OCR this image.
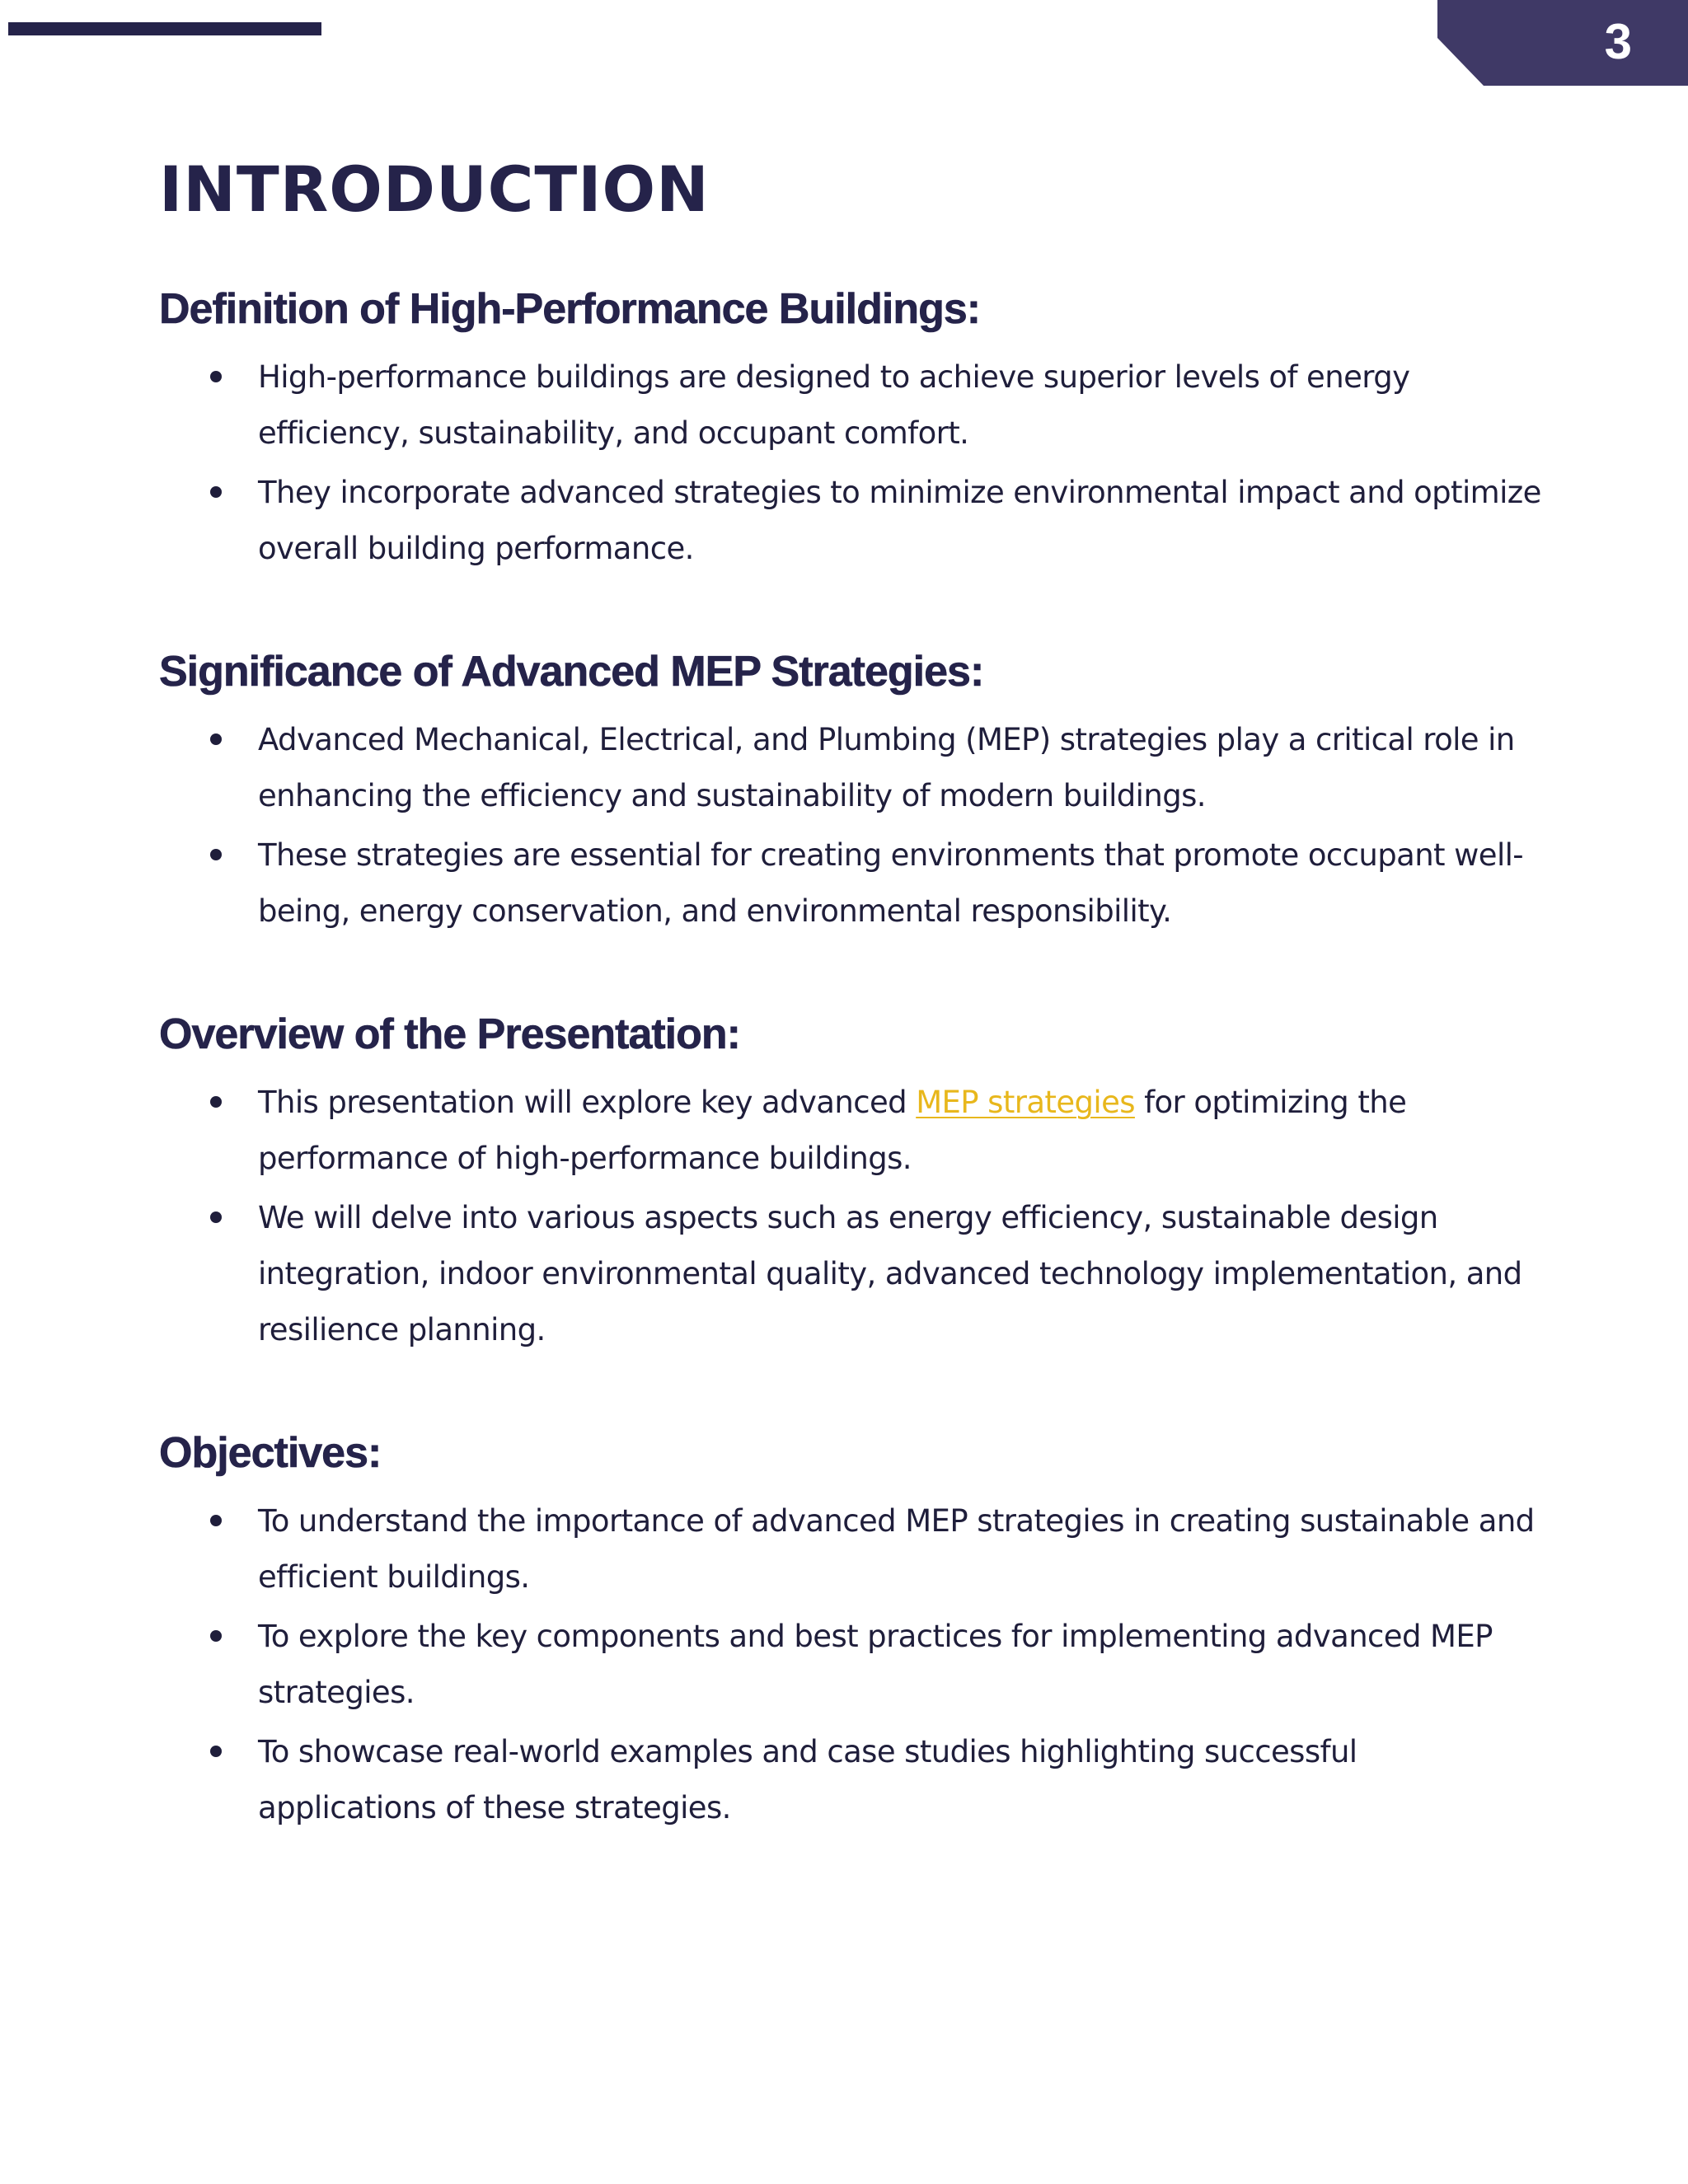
3
INTRODUCTION
Definition of High-Performance Buildings:
High-performance buildings are designed to achieve superior levels of energy efficiency, sustainability, and occupant comfort.
They incorporate advanced strategies to minimize environmental impact and optimize overall building performance.
Significance of Advanced MEP Strategies:
Advanced Mechanical, Electrical, and Plumbing (MEP) strategies play a critical role in enhancing the efficiency and sustainability of modern buildings.
These strategies are essential for creating environments that promote occupant well-being, energy conservation, and environmental responsibility.
Overview of the Presentation:
This presentation will explore key advanced MEP strategies for optimizing the performance of high-performance buildings.
We will delve into various aspects such as energy efficiency, sustainable design integration, indoor environmental quality, advanced technology implementation, and resilience planning.
Objectives:
To understand the importance of advanced MEP strategies in creating sustainable and efficient buildings.
To explore the key components and best practices for implementing advanced MEP strategies.
To showcase real-world examples and case studies highlighting successful applications of these strategies.
